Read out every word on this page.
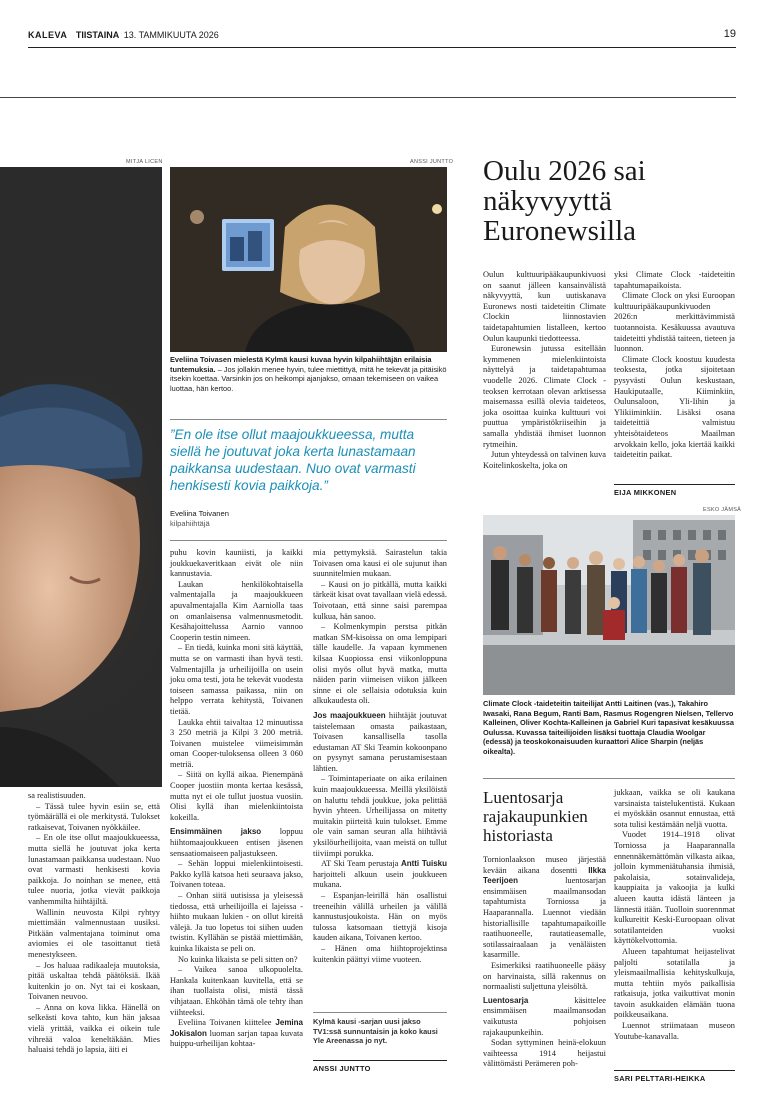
KALEVA TIISTAINA 13. TAMMIKUUTA 2026	19
MITJA LICEN

sa realistisuuden.

– Tässä tulee hyvin esiin se, että työmäärällä ei ole merkitystä. Tulokset ratkaisevat, Toivanen nyökkäilee.

– En ole itse ollut maajoukkueessa, mutta siellä he joutuvat joka kerta lunastamaan paikkansa uudestaan. Nuo ovat varmasti henkisesti kovia paikkoja. Jo noinhan se menee, että tulee nuoria, jotka vievät paikkoja vanhemmilta hiihtäjiltä.

Wallinin neuvosta Kilpi ryhtyy miettimään valmennustaan uusiksi. Pitkään valmentajana toiminut oma aviomies ei ole tasoittanut tietä menestykseen.

– Jos haluaa radikaaleja muutoksia, pitää uskaltaa tehdä päätöksiä. Ikää kuitenkin jo on. Nyt tai ei koskaan, Toivanen neuvoo.

– Anna on kova likka. Hänellä on selkeästi kova tahto, kun hän jaksaa vielä yrittää, vaikka ei oikein tule vihreää valoa keneltäkään. Mies haluaisi tehdä jo lapsia, äiti ei

ANSSI JUNTTO
Eveliina Toivasen mielestä Kylmä kausi kuvaa hyvin kilpahiihtäjän erilaisia tuntemuksia. – Jos jollakin menee hyvin, tulee miettittyä, mitä he tekevät ja pitäisikö itsekin koettaa. Varsinkin jos on heikompi ajanjakso, omaan tekemiseen on vaikea luottaa, hän kertoo.
”En ole itse ollut maajoukkueessa, mutta siellä he joutuvat joka kerta lunastamaan paikkansa uudestaan. Nuo ovat varmasti henkisesti kovia paikkoja.”
Eveliina Toivanen
kilpahiihtäjä

puhu kovin kauniisti, ja kaikki joukkuekaveritkaan eivät ole niin kannustavia.

Laukan henkilökohtaisella valmentajalla ja maajoukkueen apuvalmentajalla Kim Aarniolla taas on omanlaisensa valmennusmetodit. Kesähajoittelussa Aarnio vannoo Cooperin testin nimeen.

– En tiedä, kuinka moni sitä käyttää, mutta se on varmasti ihan hyvä testi. Valmentajilla ja urheilijoilla on usein joku oma testi, jota he tekevät vuodesta toiseen samassa paikassa, niin on helppo verrata kehitystä, Toivanen tietää.

Laukka ehtii taivaltaa 12 minuutissa 3 250 metriä ja Kilpi 3 200 metriä. Toivanen muistelee viimeisimmän oman Cooper-tuloksensa olleen 3 060 metriä.

– Siitä on kyllä aikaa. Pienempänä Cooper juostiin monta kertaa kesässä, mutta nyt ei ole tullut juostua vuosiin. Olisi kyllä ihan mielenkiintoista kokeilla.

Ensimmäinen jakso loppuu hiihtomaajoukkueen entisen jäsenen sensaatiomaiseen paljastukseen.

– Sehän loppui mielenkiintoisesti. Pakko kyllä katsoa heti seuraava jakso, Toivanen toteaa.

– Onhan siitä uutisissa ja yleisessä tiedossa, että urheilijoilla ei lajeissa - hiihto mukaan lukien - on ollut kireitä välejä. Ja tuo lopetus toi siihen uuden twistin. Kyllähän se pistää miettimään, kuinka likaista se peli on.

No kuinka likaista se peli sitten on?

– Vaikea sanoa ulkopuolelta. Hankala kuitenkaan kuvitella, että se ihan tuollaista olisi, mistä tässä vihjataan. Ehköhän tämä ole tehty ihan viihteeksi.

Eveliina Toivanen kiittelee Jemina Jokisalon luoman sarjan tapaa kuvata huippu-urheilijan kohtaa-

mia pettymyksiä. Sairastelun takia Toivasen oma kausi ei ole sujunut ihan suunnitelmien mukaan.

– Kausi on jo pitkällä, mutta kaikki tärkeät kisat ovat tavallaan vielä edessä. Toivotaan, että sinne saisi parempaa kulkua, hän sanoo.

– Kolmenkympin perstsa pitkän matkan SM-kisoissa on oma lempipari tälle kaudelle. Ja vapaan kymmenen kilsaa Kuopiossa ensi viikonloppuna olisi myös ollut hyvä matka, mutta näiden parin viimeisen viikon jälkeen sinne ei ole sellaisia odotuksia kuin alkukaudesta oli.

Jos maajoukkueen hiihtäjät joutuvat taistelemaan omasta paikastaan, Toivasen kansallisella tasolla edustaman AT Ski Teamin kokoonpano on pysynyt samana perustamisestaan lähtien.

– Toimintaperiaate on aika erilainen kuin maajoukkueessa. Meillä yksilöistä on haluttu tehdä joukkue, joka pelittää hyvin yhteen. Urheilijassa on mitetty muitakin piirteitä kuin tulokset. Emme ole vain saman seuran alla hiihtäviä yksilöurheilijoita, vaan meistä on tullut tiiviimpi porukka.

AT Ski Team perustaja Antti Tuisku harjoitteli alkuun usein joukkueen mukana.

– Espanjan-leirillä hän osallistui treeneihin välillä urheilen ja välillä kannustusjoukoista. Hän on myös tulossa katsomaan tiettyjä kisoja kauden aikana, Toivanen kertoo.

– Hänen oma hiihtoprojektinsa kuitenkin päättyi viime vuoteen.

Kylmä kausi -sarjan uusi jakso TV1:ssä sunnuntaisin ja koko kausi Yle Areenassa jo nyt.
ANSSI JUNTTO
Oulu 2026 sai näkyvyyttä Euronewsilla

Oulun kulttuuripääkaupunkivuosi on saanut jälleen kansainvälistä näkyvyyttä, kun uutiskanava Euronews nosti taideteitin Climate Clockin liinnostavien taidetapahtumien listalleen, kertoo Oulun kaupunki tiedotteessa.

Euronewsin jutussa esitellään kymmenen mielenkiintoista näyttelyä ja taidetapahtumaa vuodelle 2026. Climate Clock -teoksen kerrotaan olevan arktisessa maisemassa esillä olevia taideteos, joka osoittaa kuinka kulttuuri voi puuttua ympäristökriiseihin ja samalla yhdistää ihmiset luonnon rytmeihin.

Jutun yhteydessä on talvinen kuva Koitelinkoskelta, joka on

yksi Climate Clock -taideteitin tapahtumapaikoista.

Climate Clock on yksi Euroopan kulttuuripääkaupunkivuoden 2026:n merkittävimmistä tuotannoista. Kesäkuussa avautuva taideteitti yhdistää taiteen, tieteen ja luonnon.

Climate Clock koostuu kuudesta teoksesta, jotka sijoitetaan pysyvästi Oulun keskustaan, Haukiputaalle, Kiiminkiin, Oulunsaloon, Yli-Iihin ja Ylikiiminkiin. Lisäksi osana taideteittiä valmistuu yhteisötaideteos Maailman arvokkain kello, joka kiertää kaikki taideteitin paikat.

EIJA MIKKONEN
ESKO JÄMSÄ
Climate Clock -taideteitin taiteilijat Antti Laitinen (vas.), Takahiro Iwasaki, Rana Begum, Ranti Bam, Rasmus Rogengren Nielsen, Tellervo Kalleinen, Oliver Kochta-Kalleinen ja Gabriel Kuri tapasivat kesäkuussa Oulussa. Kuvassa taiteilijoiden lisäksi tuottaja Claudia Woolgar (edessä) ja teoskokonaisuuden kuraattori Alice Sharpin (neljäs oikealta).
Luentosarja rajakaupunkien historiasta

Tornionlaakson museo järjestää kevään aikana dosentti Ilkka Teerijoen luentosarjan ensimmäisen maailmansodan tapahtumista Torniossa ja Haaparannalla. Luennot viedään historiallisille tapahtumapaikoille raatihuoneelle, rautatieasemalle, sotilassairaalaan ja venäläisten kasarmille.

Esimerkiksi raatihuoneelle pääsy on harvinaista, sillä rakennus on normaalisti suljettuna yleisöltä.

Luentosarja käsittelee ensimmäisen maailmansodan vaikutusta pohjoisen rajakaupunkeihin.

Sodan syttyminen heinä-elokuun vaihteessa 1914 heijastui välittömästi Perämeren poh-

jukkaan, vaikka se oli kaukana varsinaista taistelukentistä. Kukaan ei myöskään osannut ennustaa, että sota tulisi kestämään neljä vuotta.

Vuodet 1914–1918 olivat Torniossa ja Haaparannalla ennennäkemättömän vilkasta aikaa, jolloin kymmeniätuhansia ihmisiä, pakolaisia, sotainvalideja, kauppiaita ja vakoojia ja kulki alueen kautta idästä länteen ja lännestä itään. Tuolloin suorennmat kulkureitit Keski-Euroopaan olivat sotatilanteiden vuoksi käyttökelvottomia.

Alueen tapahtumat heijastelivat paljolti sotatilalla ja yleismaailmallisia kehityskulkuja, mutta tehtiin myös paikallisia ratkaisuja, jotka vaikuttivat monin tavoin asukkaiden elämään tuona poikkeusaikana.

Luennot striimataan museon Youtube-kanavalla.

SARI PELTTARI-HEIKKA
